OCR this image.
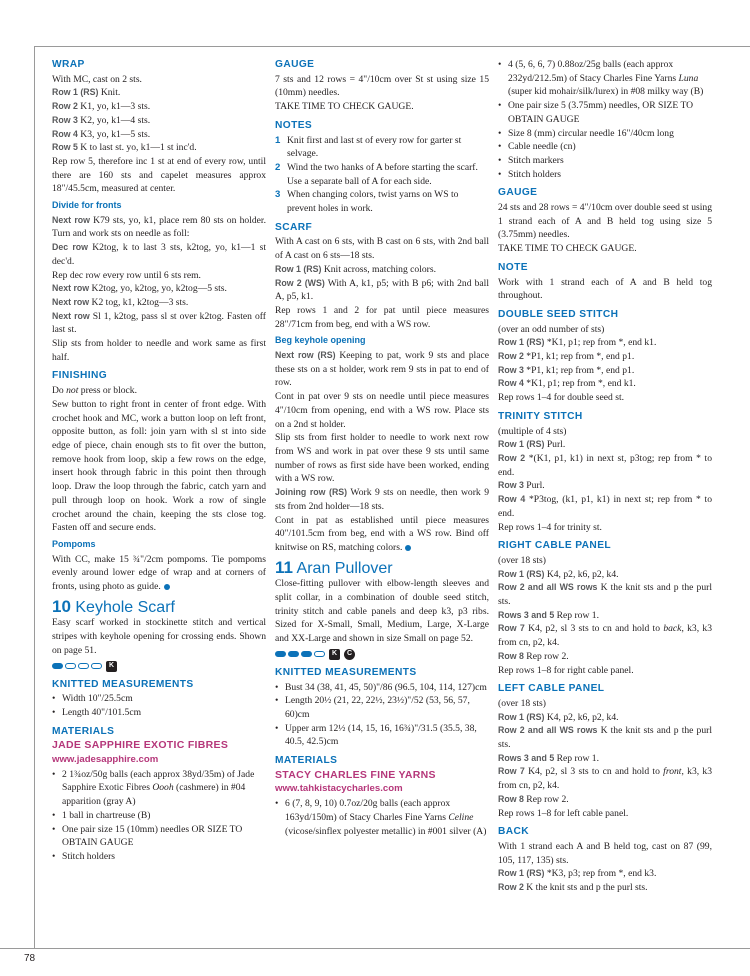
WRAP

With MC, cast on 2 sts.

Row 1 (RS) Knit.

Row 2 K1, yo, k1—3 sts.

Row 3 K2, yo, k1—4 sts.

Row 4 K3, yo, k1—5 sts.

Row 5 K to last st. yo, k1—1 st inc'd.

Rep row 5, therefore inc 1 st at end of every row, until there are 160 sts and capelet measures approx 18"/45.5cm, measured at center.

Divide for fronts

Next row K79 sts, yo, k1, place rem 80 sts on holder. Turn and work sts on needle as foll:

Dec row K2tog, k to last 3 sts, k2tog, yo, k1—1 st dec'd.

Rep dec row every row until 6 sts rem.

Next row K2tog, yo, k2tog, yo, k2tog—5 sts.

Next row K2 tog, k1, k2tog—3 sts.

Next row Sl 1, k2tog, pass sl st over k2tog. Fasten off last st.

Slip sts from holder to needle and work same as first half.

FINISHING

Do not press or block.

Sew button to right front in center of front edge. With crochet hook and MC, work a button loop on left front, opposite button, as foll: join yarn with sl st into side edge of piece, chain enough sts to fit over the button, remove hook from loop, skip a few rows on the edge, insert hook through fabric in this point then through loop. Draw the loop through the fabric, catch yarn and pull through loop on hook. Work a row of single crochet around the chain, keeping the sts close tog. Fasten off and secure ends.

Pompoms

With CC, make 15 ¾"/2cm pompoms. Tie pompoms evenly around lower edge of wrap and at corners of fronts, using photo as guide.

10 Keyhole Scarf

Easy scarf worked in stockinette stitch and vertical stripes with keyhole opening for crossing ends. Shown on page 51.

K
KNITTED MEASUREMENTS
• Width 10"/25.5cm
• Length 40"/101.5cm
MATERIALS
JADE SAPPHIRE EXOTIC FIBRES
www.jadesapphire.com
• 2 1¾oz/50g balls (each approx 38yd/35m) of Jade Sapphire Exotic Fibres Oooh (cashmere) in #04 apparition (gray A)
• 1 ball in chartreuse (B)
• One pair size 15 (10mm) needles OR SIZE TO OBTAIN GAUGE
• Stitch holders
GAUGE

7 sts and 12 rows = 4"/10cm over St st using size 15 (10mm) needles.

TAKE TIME TO CHECK GAUGE.

NOTES
1 Knit first and last st of every row for garter st selvage.
2 Wind the two hanks of A before starting the scarf. Use a separate ball of A for each side.
3 When changing colors, twist yarns on WS to prevent holes in work.
SCARF

With A cast on 6 sts, with B cast on 6 sts, with 2nd ball of A cast on 6 sts—18 sts.

Row 1 (RS) Knit across, matching colors.

Row 2 (WS) With A, k1, p5; with B p6; with 2nd ball A, p5, k1.

Rep rows 1 and 2 for pat until piece measures 28"/71cm from beg, end with a WS row.

Beg keyhole opening

Next row (RS) Keeping to pat, work 9 sts and place these sts on a st holder, work rem 9 sts in pat to end of row.

Cont in pat over 9 sts on needle until piece measures 4"/10cm from opening, end with a WS row. Place sts on a 2nd st holder.

Slip sts from first holder to needle to work next row from WS and work in pat over these 9 sts until same number of rows as first side have been worked, ending with a WS row.

Joining row (RS) Work 9 sts on needle, then work 9 sts from 2nd holder—18 sts.

Cont in pat as established until piece measures 40"/101.5cm from beg, end with a WS row. Bind off knitwise on RS, matching colors.

11 Aran Pullover

Close-fitting pullover with elbow-length sleeves and split collar, in a combination of double seed stitch, trinity stitch and cable panels and deep k3, p3 ribs. Sized for X-Small, Small, Medium, Large, X-Large and XX-Large and shown in size Small on page 52.

K	C
KNITTED MEASUREMENTS
• Bust 34 (38, 41, 45, 50)"/86 (96.5, 104, 114, 127)cm
• Length 20½ (21, 22, 22½, 23½)"/52 (53, 56, 57, 60)cm
• Upper arm 12½ (14, 15, 16, 16¾)"/31.5 (35.5, 38, 40.5, 42.5)cm
MATERIALS
STACY CHARLES FINE YARNS
www.tahkistacycharles.com
• 6 (7, 8, 9, 10) 0.7oz/20g balls (each approx 163yd/150m) of Stacy Charles Fine Yarns Celine (vicose/sinflex polyester metallic) in #001 silver (A)
• 4 (5, 6, 6, 7) 0.88oz/25g balls (each approx 232yd/212.5m) of Stacy Charles Fine Yarns Luna (super kid mohair/silk/lurex) in #08 milky way (B)
• One pair size 5 (3.75mm) needles, OR SIZE TO OBTAIN GAUGE
• Size 8 (mm) circular needle 16"/40cm long
• Cable needle (cn)
• Stitch markers
• Stitch holders
GAUGE

24 sts and 28 rows = 4"/10cm over double seed st using 1 strand each of A and B held tog using size 5 (3.75mm) needles.

TAKE TIME TO CHECK GAUGE.

NOTE

Work with 1 strand each of A and B held tog throughout.

DOUBLE SEED STITCH

(over an odd number of sts)

Row 1 (RS) *K1, p1; rep from *, end k1.

Row 2 *P1, k1; rep from *, end p1.

Row 3 *P1, k1; rep from *, end p1.

Row 4 *K1, p1; rep from *, end k1.

Rep rows 1–4 for double seed st.

TRINITY STITCH

(multiple of 4 sts)

Row 1 (RS) Purl.

Row 2 *(K1, p1, k1) in next st, p3tog; rep from * to end.

Row 3 Purl.

Row 4 *P3tog, (k1, p1, k1) in next st; rep from * to end.

Rep rows 1–4 for trinity st.

RIGHT CABLE PANEL

(over 18 sts)

Row 1 (RS) K4, p2, k6, p2, k4.

Row 2 and all WS rows K the knit sts and p the purl sts.

Rows 3 and 5 Rep row 1.

Row 7 K4, p2, sl 3 sts to cn and hold to back, k3, k3 from cn, p2, k4.

Row 8 Rep row 2.

Rep rows 1–8 for right cable panel.

LEFT CABLE PANEL

(over 18 sts)

Row 1 (RS) K4, p2, k6, p2, k4.

Row 2 and all WS rows K the knit sts and p the purl sts.

Rows 3 and 5 Rep row 1.

Row 7 K4, p2, sl 3 sts to cn and hold to front, k3, k3 from cn, p2, k4.

Row 8 Rep row 2.

Rep rows 1–8 for left cable panel.

BACK

With 1 strand each A and B held tog, cast on 87 (99, 105, 117, 135) sts.

Row 1 (RS) *K3, p3; rep from *, end k3.

Row 2 K the knit sts and p the purl sts.

78
